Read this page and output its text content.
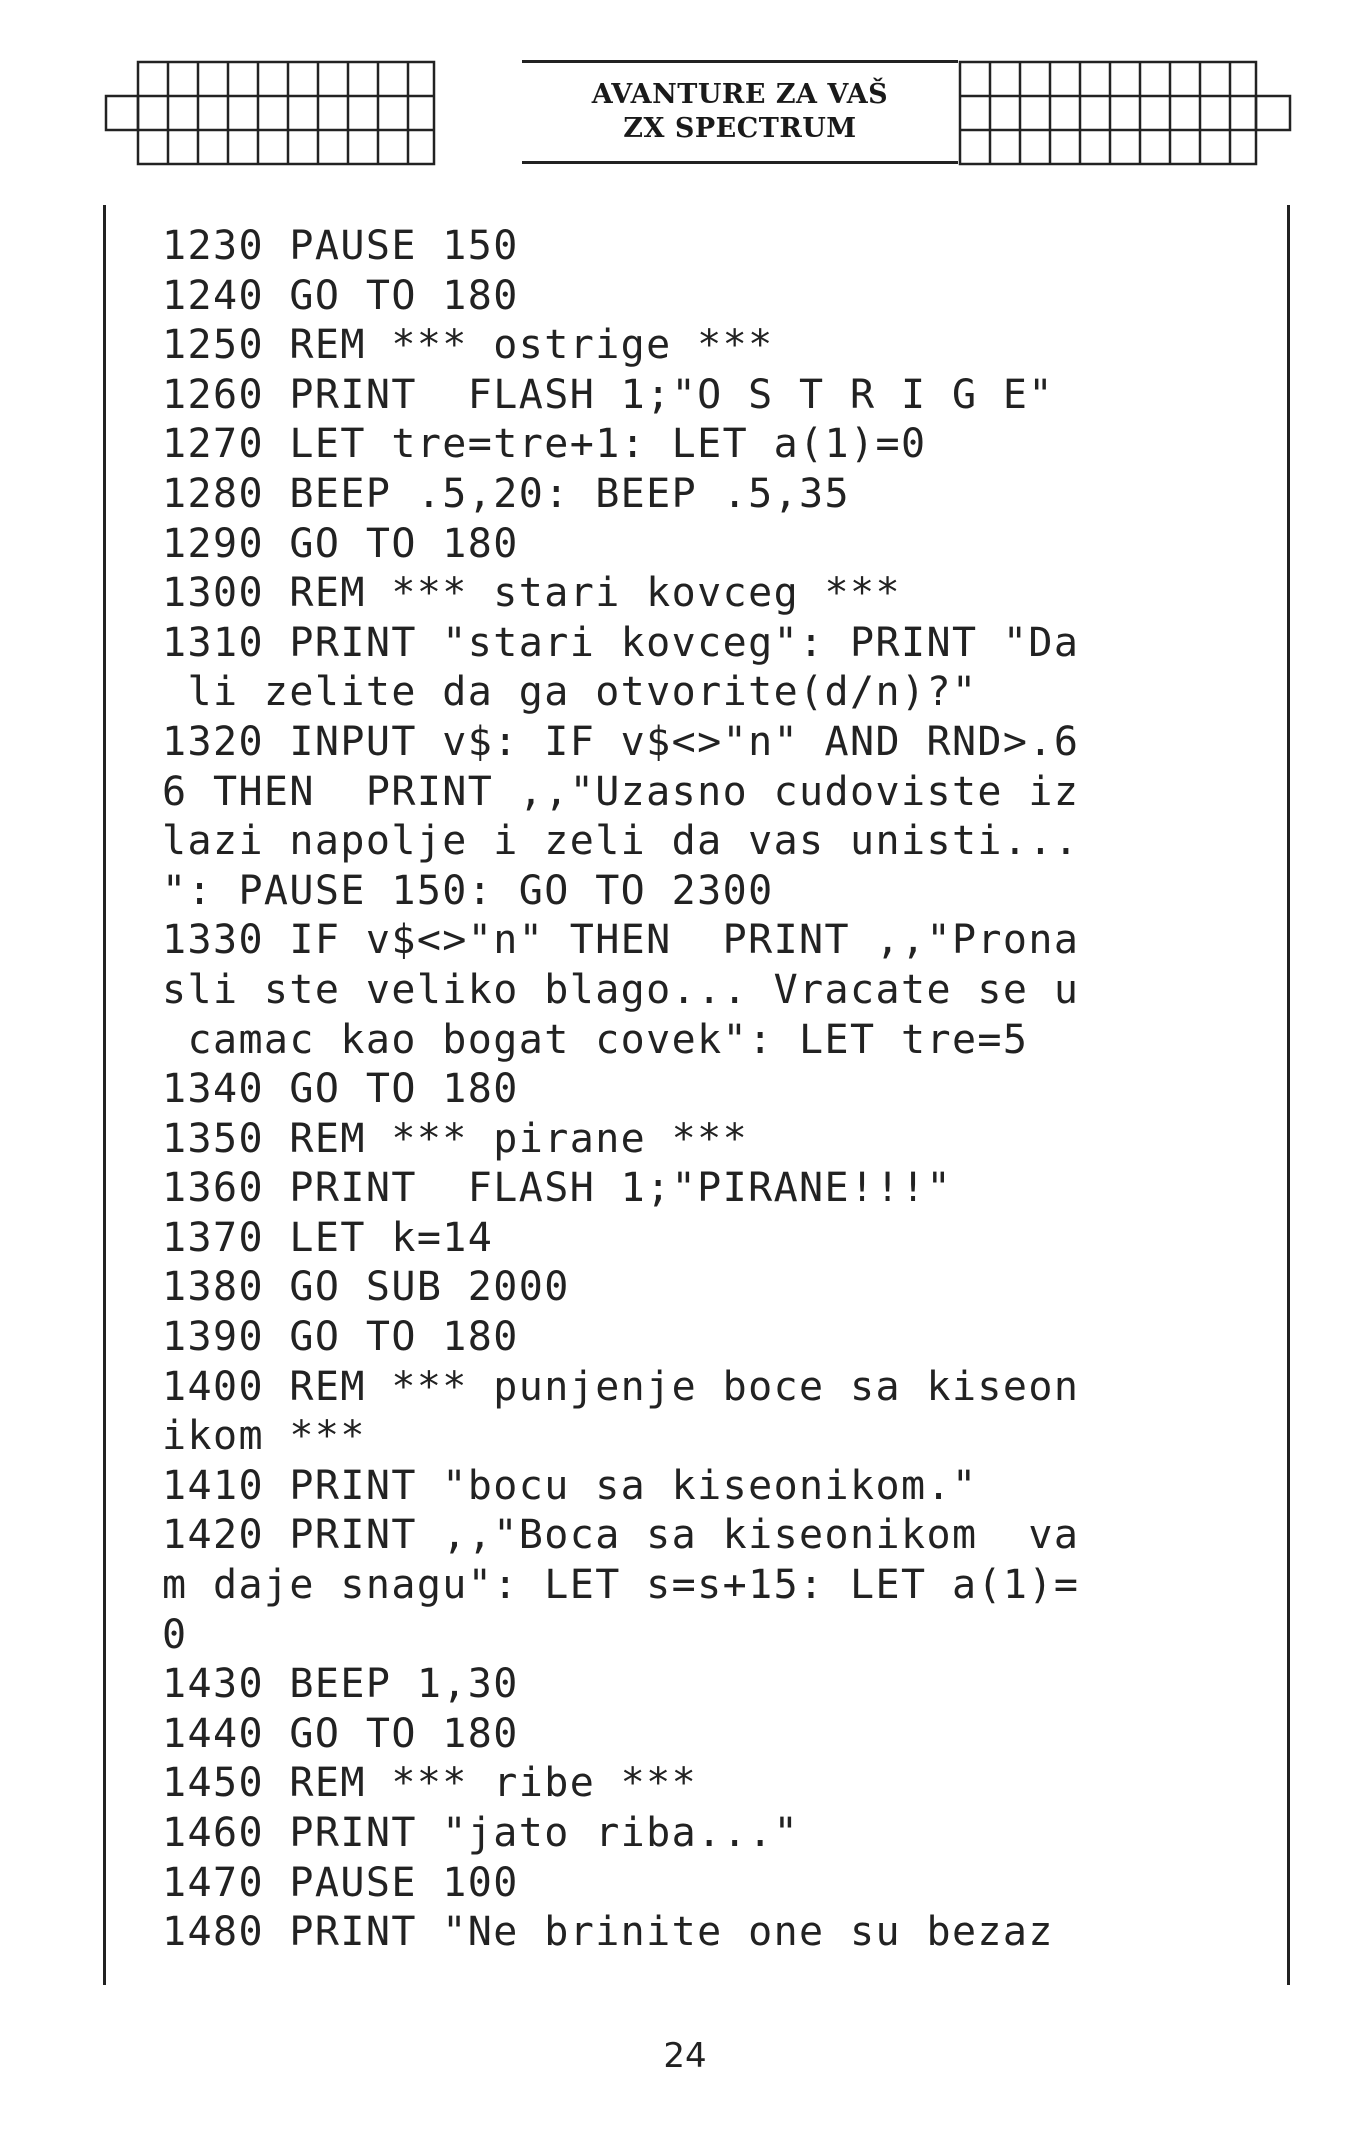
AVANTURE ZA VAŠ
ZX SPECTRUM
1230 PAUSE 150
1240 GO TO 180
1250 REM *** ostrige ***
1260 PRINT  FLASH 1;"O S T R I G E"
1270 LET tre=tre+1: LET a(1)=0
1280 BEEP .5,20: BEEP .5,35
1290 GO TO 180
1300 REM *** stari kovceg ***
1310 PRINT "stari kovceg": PRINT "Da
li zelite da ga otvorite(d/n)?"
1320 INPUT v$: IF v$<>"n" AND RND>.6
6 THEN  PRINT ,,"Uzasno cudoviste iz
lazi napolje i zeli da vas unisti...
": PAUSE 150: GO TO 2300
1330 IF v$<>"n" THEN  PRINT ,,"Prona
sli ste veliko blago... Vracate se u
camac kao bogat covek": LET tre=5
1340 GO TO 180
1350 REM *** pirane ***
1360 PRINT  FLASH 1;"PIRANE!!!"
1370 LET k=14
1380 GO SUB 2000
1390 GO TO 180
1400 REM *** punjenje boce sa kiseon
ikom ***
1410 PRINT "bocu sa kiseonikom."
1420 PRINT ,,"Boca sa kiseonikom  va
m daje snagu": LET s=s+15: LET a(1)=
0
1430 BEEP 1,30
1440 GO TO 180
1450 REM *** ribe ***
1460 PRINT "jato riba..."
1470 PAUSE 100
1480 PRINT "Ne brinite one su bezaz
24
